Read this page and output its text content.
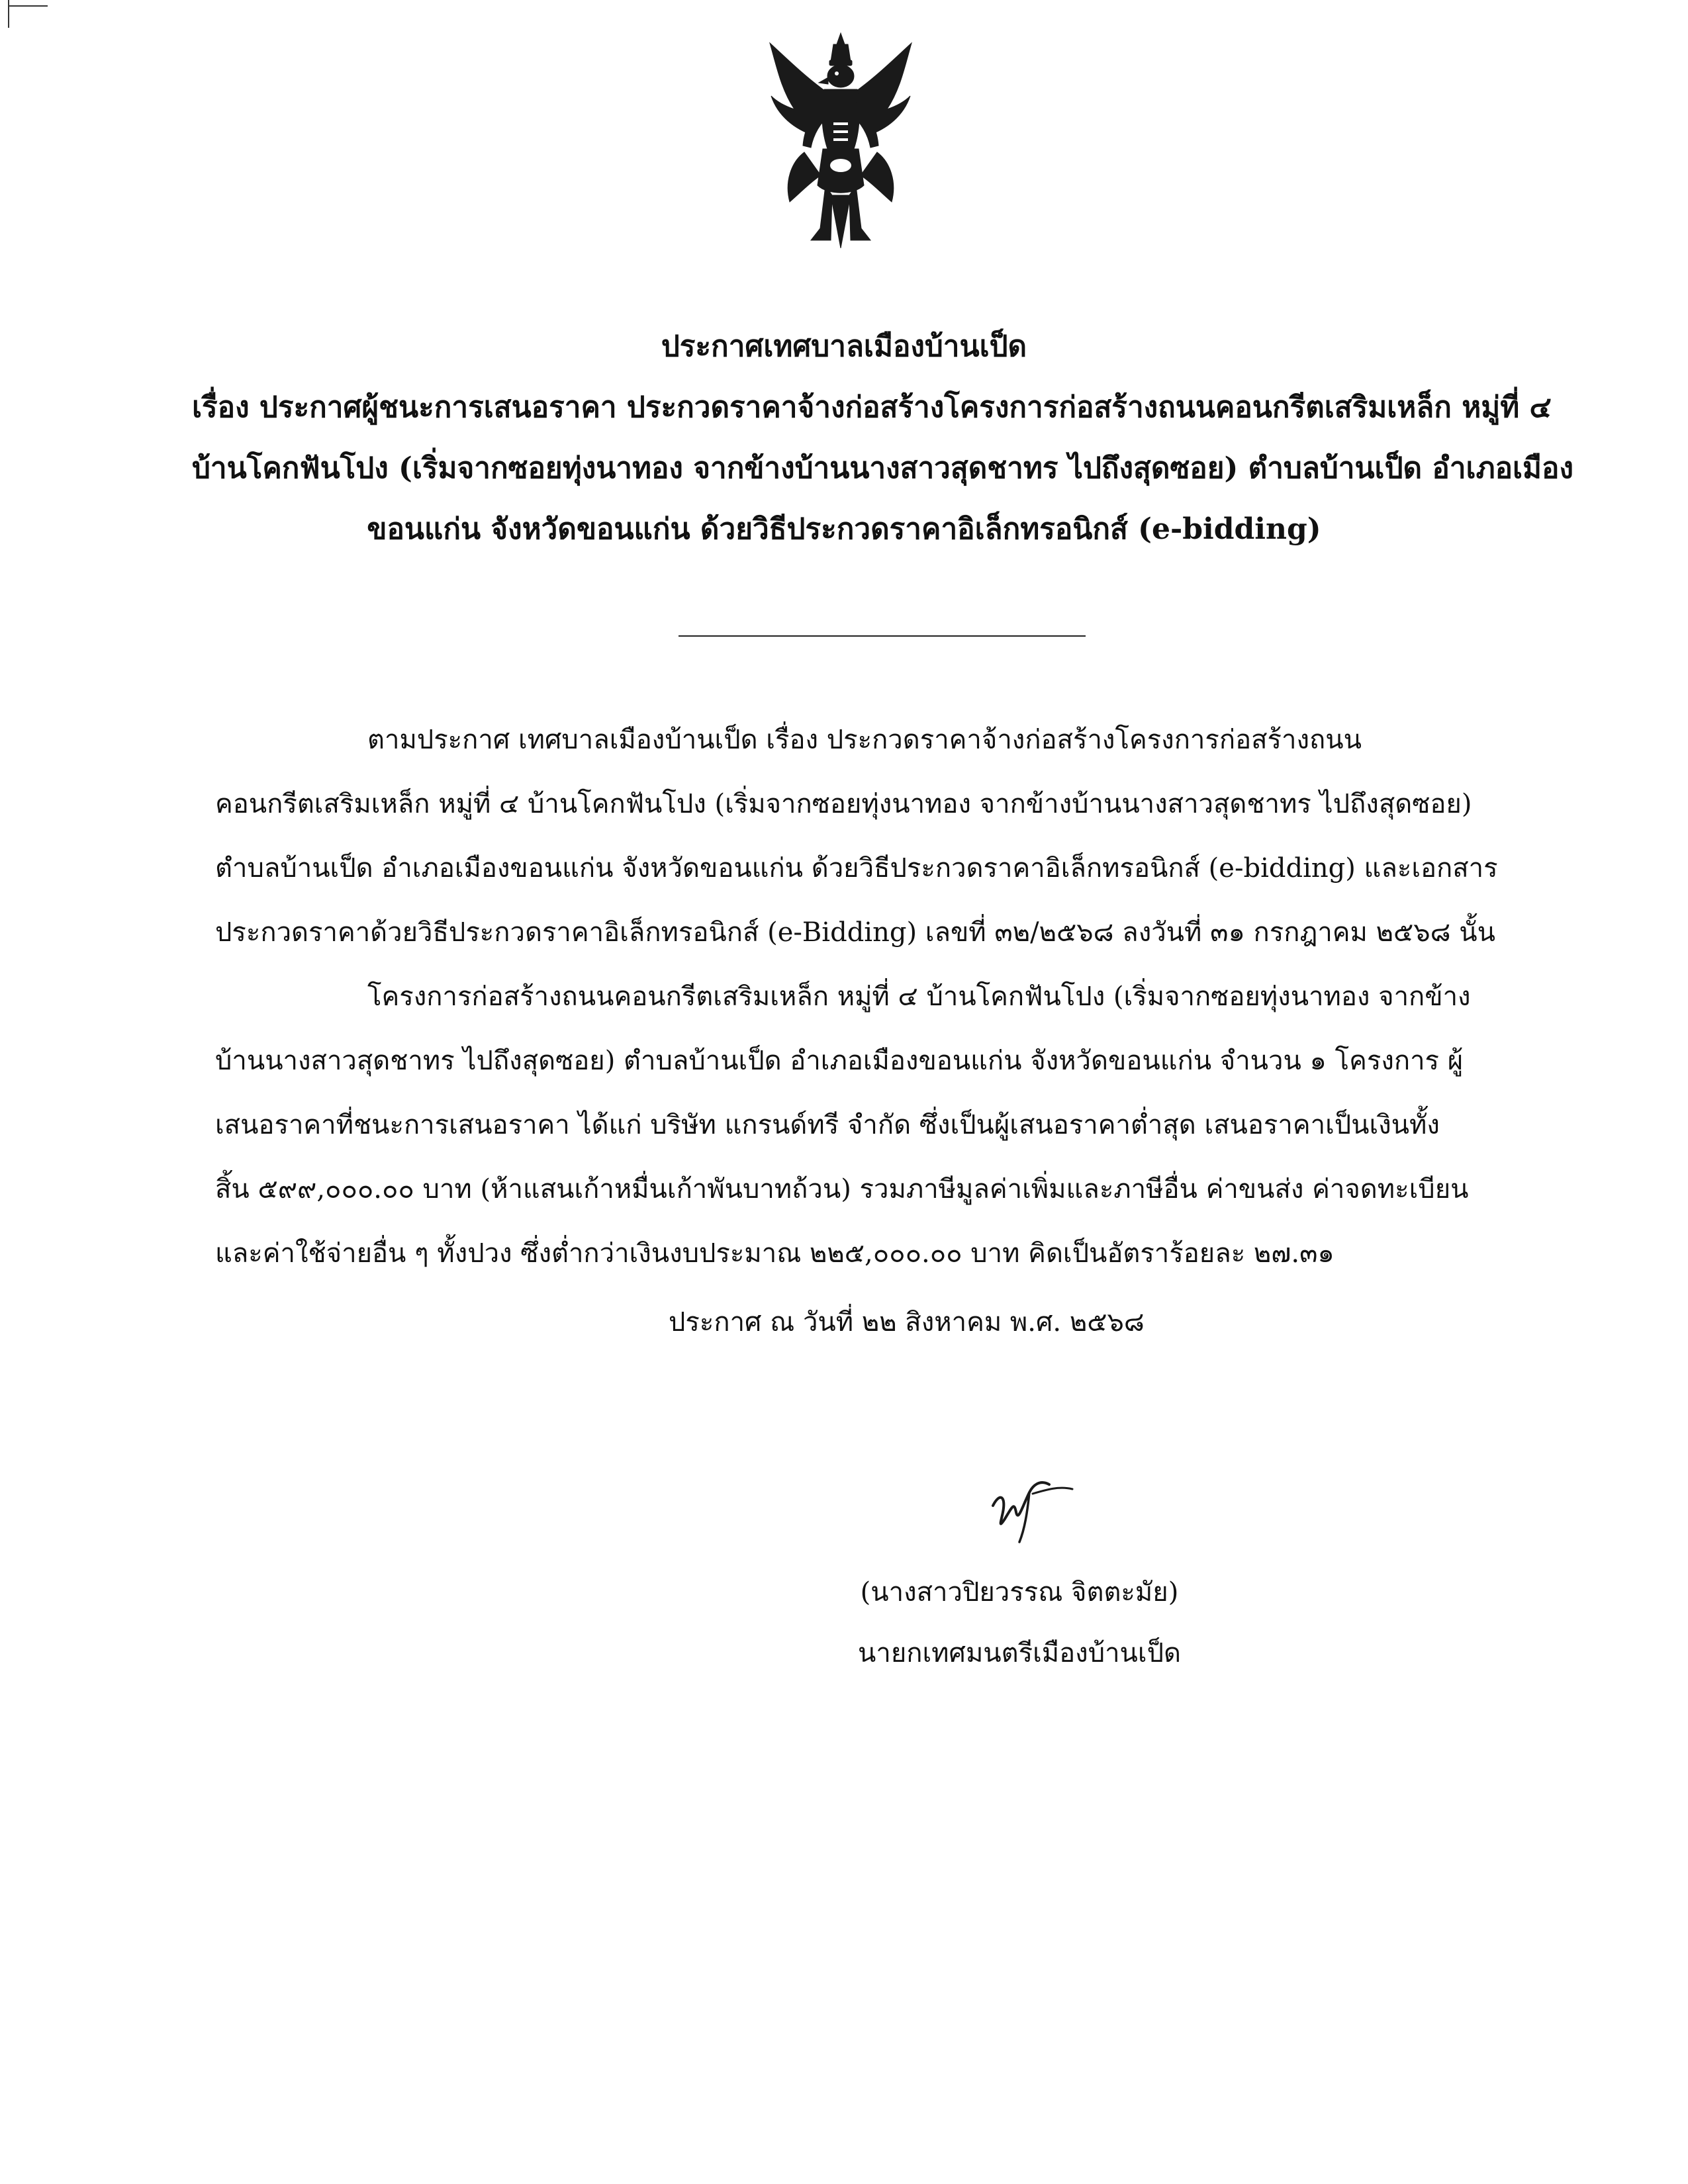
ประกาศเทศบาลเมืองบ้านเป็ด
เรื่อง ประกาศผู้ชนะการเสนอราคา ประกวดราคาจ้างก่อสร้างโครงการก่อสร้างถนนคอนกรีตเสริมเหล็ก หมู่ที่ ๔
บ้านโคกฟันโปง (เริ่มจากซอยทุ่งนาทอง จากข้างบ้านนางสาวสุดชาทร ไปถึงสุดซอย) ตำบลบ้านเป็ด อำเภอเมือง
ขอนแก่น จังหวัดขอนแก่น ด้วยวิธีประกวดราคาอิเล็กทรอนิกส์ (e-bidding)
ตามประกาศ เทศบาลเมืองบ้านเป็ด เรื่อง ประกวดราคาจ้างก่อสร้างโครงการก่อสร้างถนน
คอนกรีตเสริมเหล็ก หมู่ที่ ๔ บ้านโคกฟันโปง (เริ่มจากซอยทุ่งนาทอง จากข้างบ้านนางสาวสุดชาทร ไปถึงสุดซอย)
ตำบลบ้านเป็ด อำเภอเมืองขอนแก่น จังหวัดขอนแก่น ด้วยวิธีประกวดราคาอิเล็กทรอนิกส์ (e-bidding) และเอกสาร
ประกวดราคาด้วยวิธีประกวดราคาอิเล็กทรอนิกส์ (e-Bidding) เลขที่ ๓๒/๒๕๖๘ ลงวันที่ ๓๑ กรกฎาคม ๒๕๖๘ นั้น
โครงการก่อสร้างถนนคอนกรีตเสริมเหล็ก หมู่ที่ ๔ บ้านโคกฟันโปง (เริ่มจากซอยทุ่งนาทอง จากข้าง
บ้านนางสาวสุดชาทร ไปถึงสุดซอย) ตำบลบ้านเป็ด อำเภอเมืองขอนแก่น จังหวัดขอนแก่น จำนวน ๑ โครงการ ผู้
เสนอราคาที่ชนะการเสนอราคา ได้แก่ บริษัท แกรนด์ทรี จำกัด ซึ่งเป็นผู้เสนอราคาต่ำสุด เสนอราคาเป็นเงินทั้ง
สิ้น ๕๙๙,๐๐๐.๐๐ บาท (ห้าแสนเก้าหมื่นเก้าพันบาทถ้วน) รวมภาษีมูลค่าเพิ่มและภาษีอื่น ค่าขนส่ง ค่าจดทะเบียน
และค่าใช้จ่ายอื่น ๆ ทั้งปวง ซึ่งต่ำกว่าเงินงบประมาณ ๒๒๕,๐๐๐.๐๐ บาท คิดเป็นอัตราร้อยละ ๒๗.๓๑
ประกาศ ณ วันที่ ๒๒ สิงหาคม พ.ศ. ๒๕๖๘
(นางสาวปิยวรรณ จิตตะมัย)
นายกเทศมนตรีเมืองบ้านเป็ด
